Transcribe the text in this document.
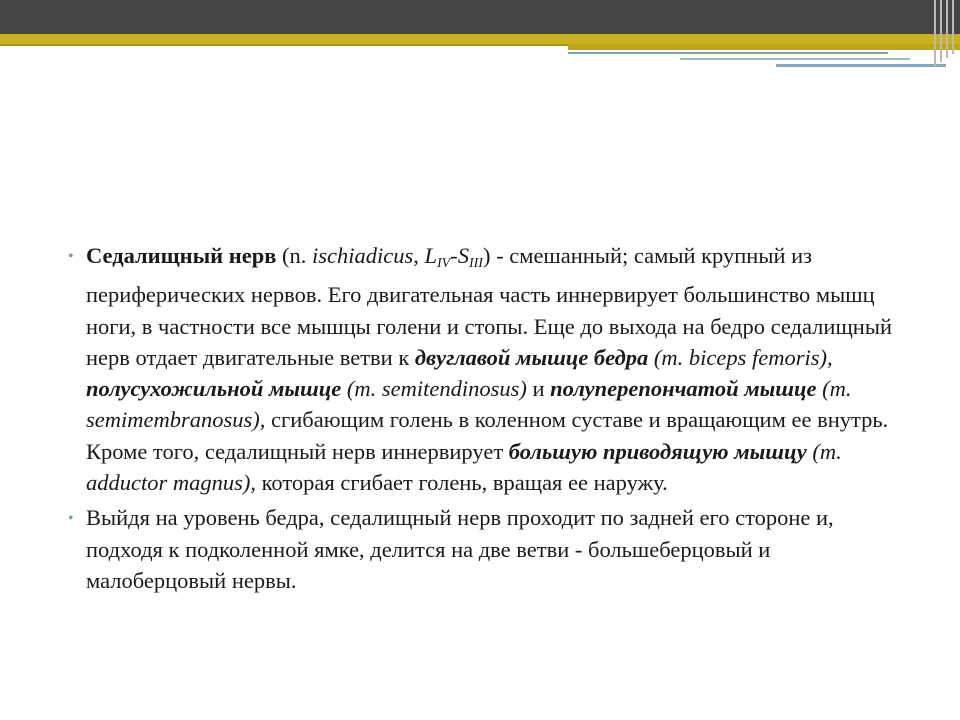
• Седалищный нерв (n. ischiadicus, $L_{IV}-S_{III}$) - смешанный; самый крупный из периферических нервов. Его двигательная часть иннервирует большинство мышц ноги, в частности все мышцы голени и стопы. Еще до выхода на бедро седалищный нерв отдает двигательные ветви к двуглавой мышце бедра (m. biceps femoris), полусухожильной мышце (m. semitendinosus) и полуперепончатой мышце (m. semimembranosus), сгибающим голень в коленном суставе и вращающим ее внутрь. Кроме того, седалищный нерв иннервирует большую приводящую мышцу (m. adductor magnus), которая сгибает голень, вращая ее наружу.
• Выйдя на уровень бедра, седалищный нерв проходит по задней его стороне и, подходя к подколенной ямке, делится на две ветви - большеберцовый и малоберцовый нервы.
